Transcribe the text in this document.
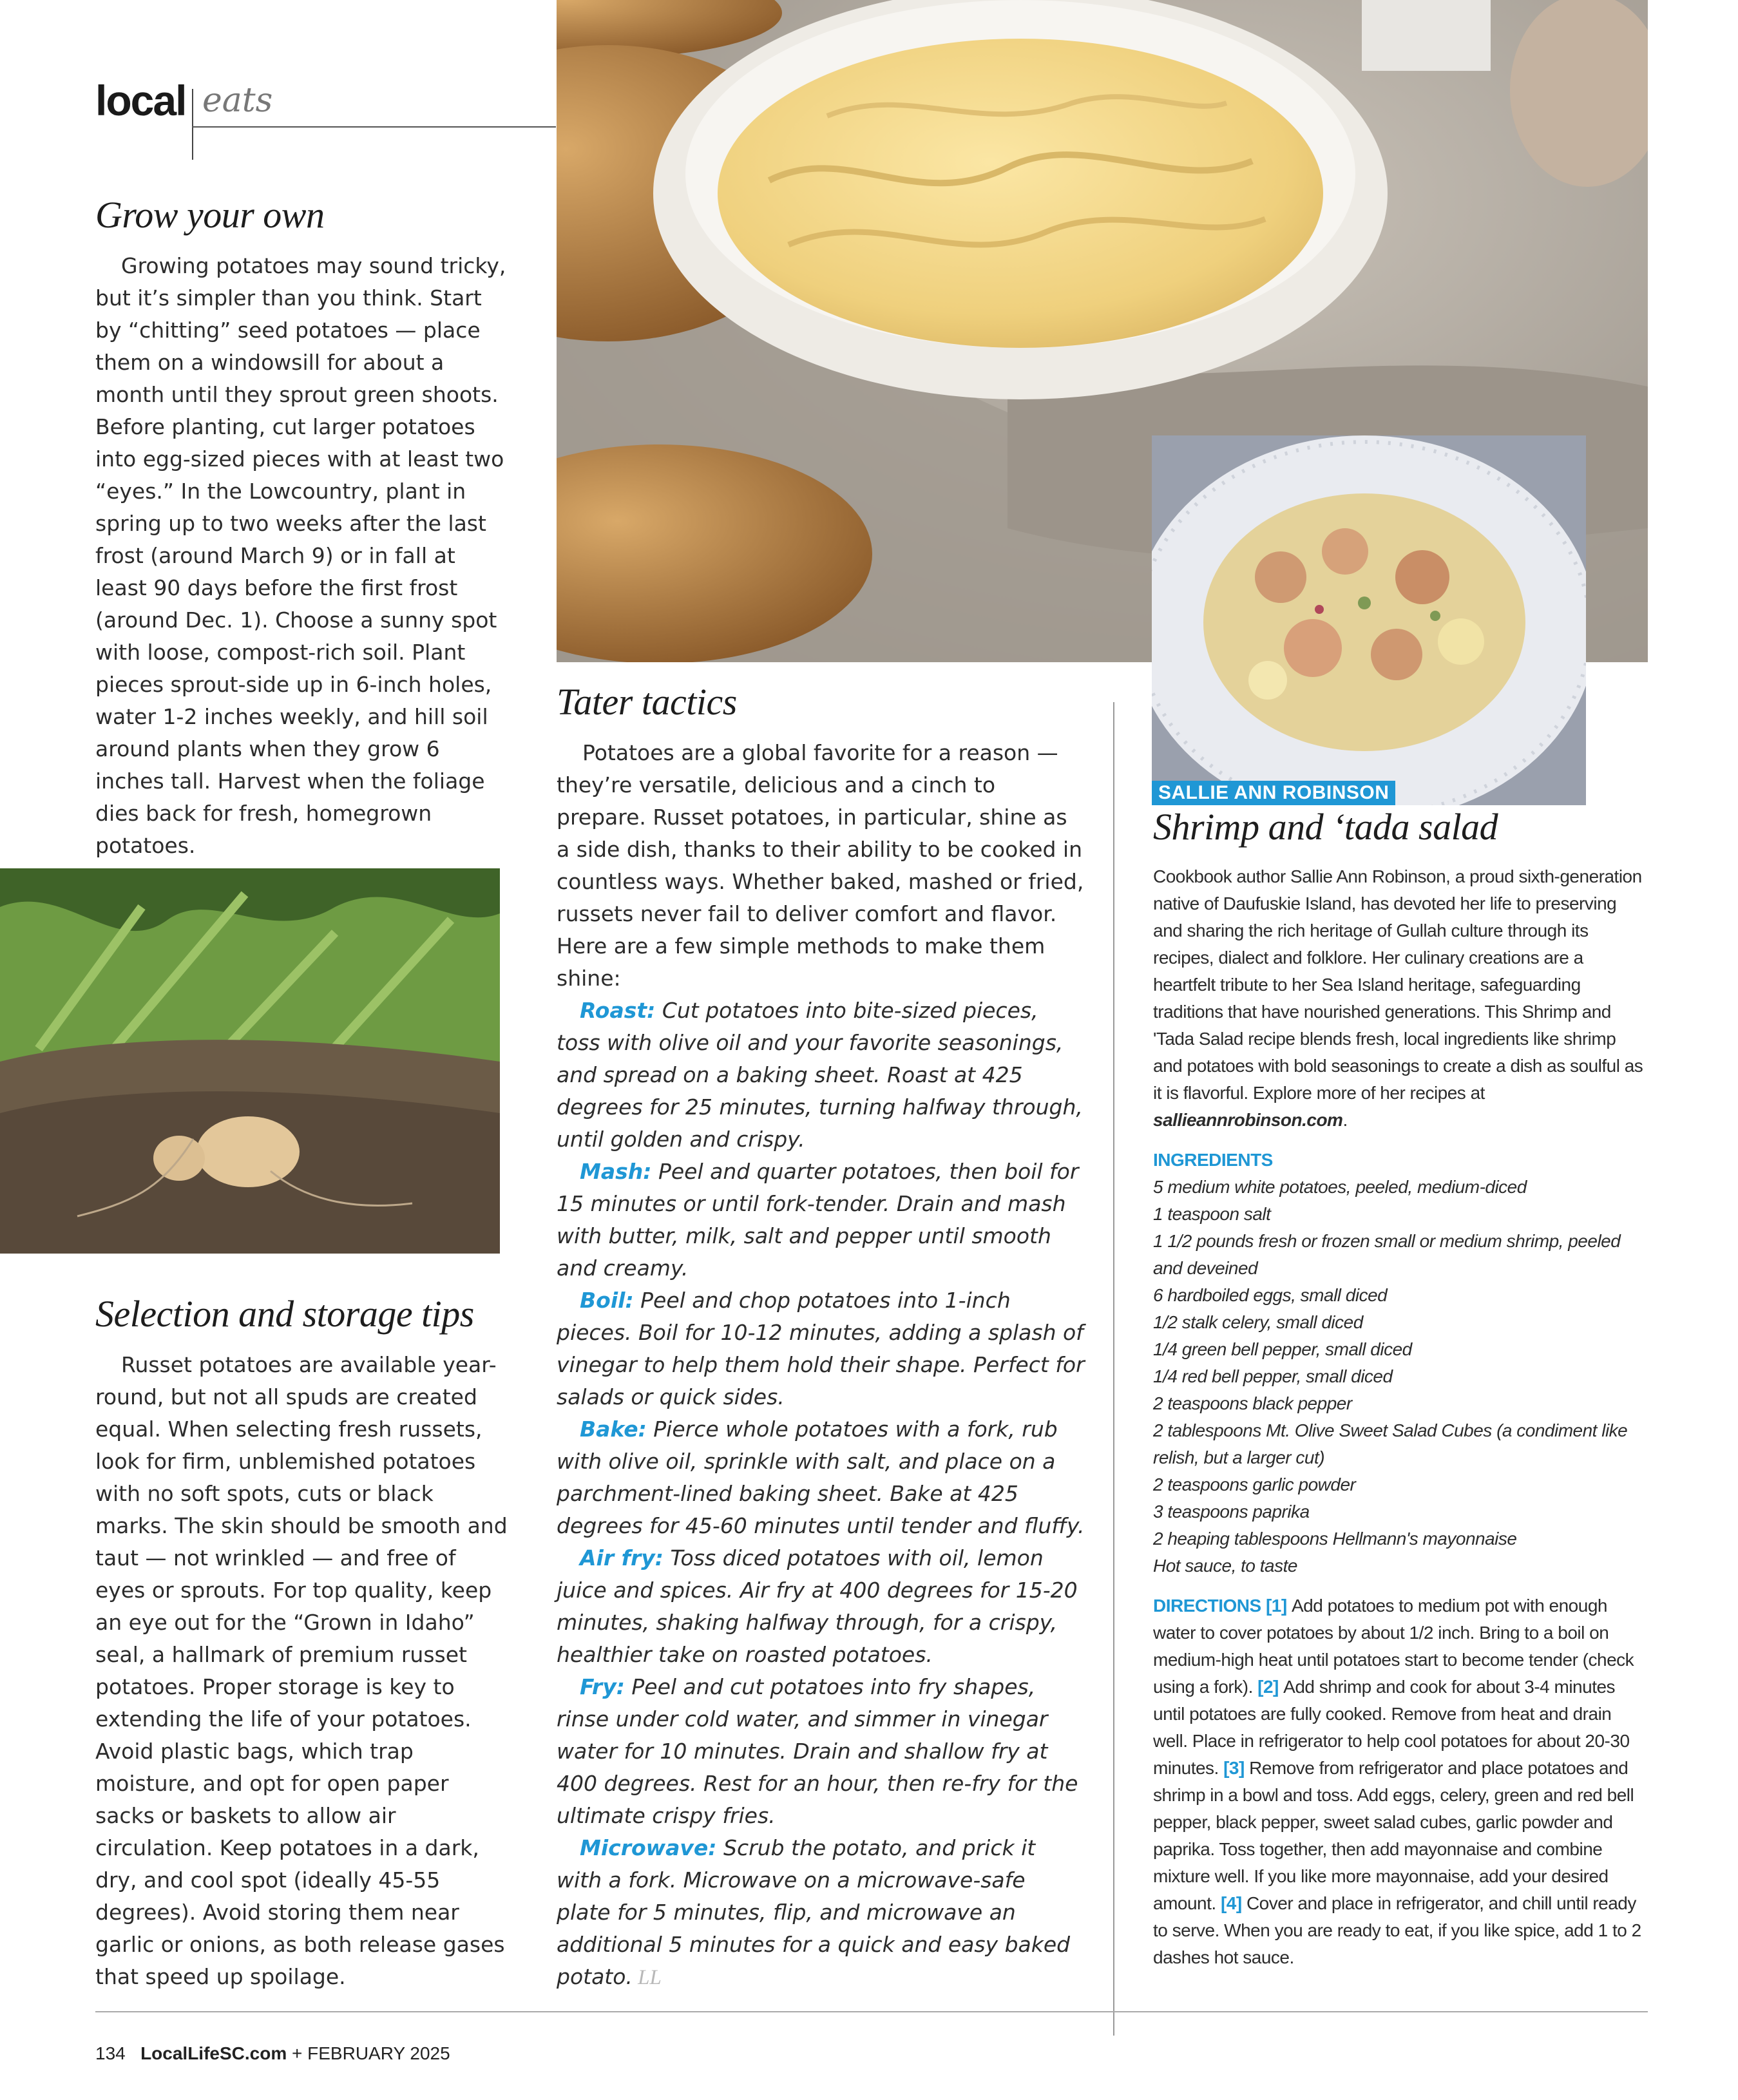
local eats
SALLIE ANN ROBINSON
Grow your own

Growing potatoes may sound tricky, but it’s simpler than you think. Start by “chitting” seed potatoes — place them on a windowsill for about a month until they sprout green shoots. Before planting, cut larger potatoes into egg-sized pieces with at least two “eyes.” In the Lowcountry, plant in spring up to two weeks after the last frost (around March 9) or in fall at least 90 days before the first frost (around Dec. 1). Choose a sunny spot with loose, compost-rich soil. Plant pieces sprout-side up in 6-inch holes, water 1-2 inches weekly, and hill soil around plants when they grow 6 inches tall. Harvest when the foliage dies back for fresh, homegrown potatoes.

Selection and storage tips

Russet potatoes are available year-round, but not all spuds are created equal. When selecting fresh russets, look for firm, unblemished potatoes with no soft spots, cuts or black marks. The skin should be smooth and taut — not wrinkled — and free of eyes or sprouts. For top quality, keep an eye out for the “Grown in Idaho” seal, a hallmark of premium russet potatoes. Proper storage is key to extending the life of your potatoes. Avoid plastic bags, which trap moisture, and opt for open paper sacks or baskets to allow air circulation. Keep potatoes in a dark, dry, and cool spot (ideally 45-55 degrees). Avoid storing them near garlic or onions, as both release gases that speed up spoilage.

Tater tactics

Potatoes are a global favorite for a reason — they’re versatile, delicious and a cinch to prepare. Russet potatoes, in particular, shine as a side dish, thanks to their ability to be cooked in countless ways. Whether baked, mashed or fried, russets never fail to deliver comfort and flavor. Here are a few simple methods to make them shine:

Roast: Cut potatoes into bite-sized pieces, toss with olive oil and your favorite seasonings, and spread on a baking sheet. Roast at 425 degrees for 25 minutes, turning halfway through, until golden and crispy.

Mash: Peel and quarter potatoes, then boil for 15 minutes or until fork-tender. Drain and mash with butter, milk, salt and pepper until smooth and creamy.

Boil: Peel and chop potatoes into 1-inch pieces. Boil for 10-12 minutes, adding a splash of vinegar to help them hold their shape. Perfect for salads or quick sides.

Bake: Pierce whole potatoes with a fork, rub with olive oil, sprinkle with salt, and place on a parchment-lined baking sheet. Bake at 425 degrees for 45-60 minutes until tender and fluffy.

Air fry: Toss diced potatoes with oil, lemon juice and spices. Air fry at 400 degrees for 15-20 minutes, shaking halfway through, for a crispy, healthier take on roasted potatoes.

Fry: Peel and cut potatoes into fry shapes, rinse under cold water, and simmer in vinegar water for 10 minutes. Drain and shallow fry at 400 degrees. Rest for an hour, then re-fry for the ultimate crispy fries.

Microwave: Scrub the potato, and prick it with a fork. Microwave on a microwave-safe plate for 5 minutes, flip, and microwave an additional 5 minutes for a quick and easy baked potato. LL

Shrimp and ‘tada salad

Cookbook author Sallie Ann Robinson, a proud sixth-generation native of Daufuskie Island, has devoted her life to preserving and sharing the rich heritage of Gullah culture through its recipes, dialect and folklore. Her culinary creations are a heartfelt tribute to her Sea Island heritage, safeguarding traditions that have nourished generations. This Shrimp and 'Tada Salad recipe blends fresh, local ingredients like shrimp and potatoes with bold seasonings to create a dish as soulful as it is flavorful. Explore more of her recipes at sallieannrobinson.com.

INGREDIENTS

5 medium white potatoes, peeled, medium-diced

1 teaspoon salt

1 1/2 pounds fresh or frozen small or medium shrimp, peeled and deveined

6 hardboiled eggs, small diced

1/2 stalk celery, small diced

1/4 green bell pepper, small diced

1/4 red bell pepper, small diced

2 teaspoons black pepper

2 tablespoons Mt. Olive Sweet Salad Cubes (a condiment like relish, but a larger cut)

2 teaspoons garlic powder

3 teaspoons paprika

2 heaping tablespoons Hellmann's mayonnaise

Hot sauce, to taste

DIRECTIONS [1] Add potatoes to medium pot with enough water to cover potatoes by about 1/2 inch. Bring to a boil on medium-high heat until potatoes start to become tender (check using a fork). [2] Add shrimp and cook for about 3-4 minutes until potatoes are fully cooked. Remove from heat and drain well. Place in refrigerator to help cool potatoes for about 20-30 minutes. [3] Remove from refrigerator and place potatoes and shrimp in a bowl and toss. Add eggs, celery, green and red bell pepper, black pepper, sweet salad cubes, garlic powder and paprika. Toss together, then add mayonnaise and combine mixture well. If you like more mayonnaise, add your desired amount. [4] Cover and place in refrigerator, and chill until ready to serve. When you are ready to eat, if you like spice, add 1 to 2 dashes hot sauce.

134 LocalLifeSC.com + FEBRUARY 2025
